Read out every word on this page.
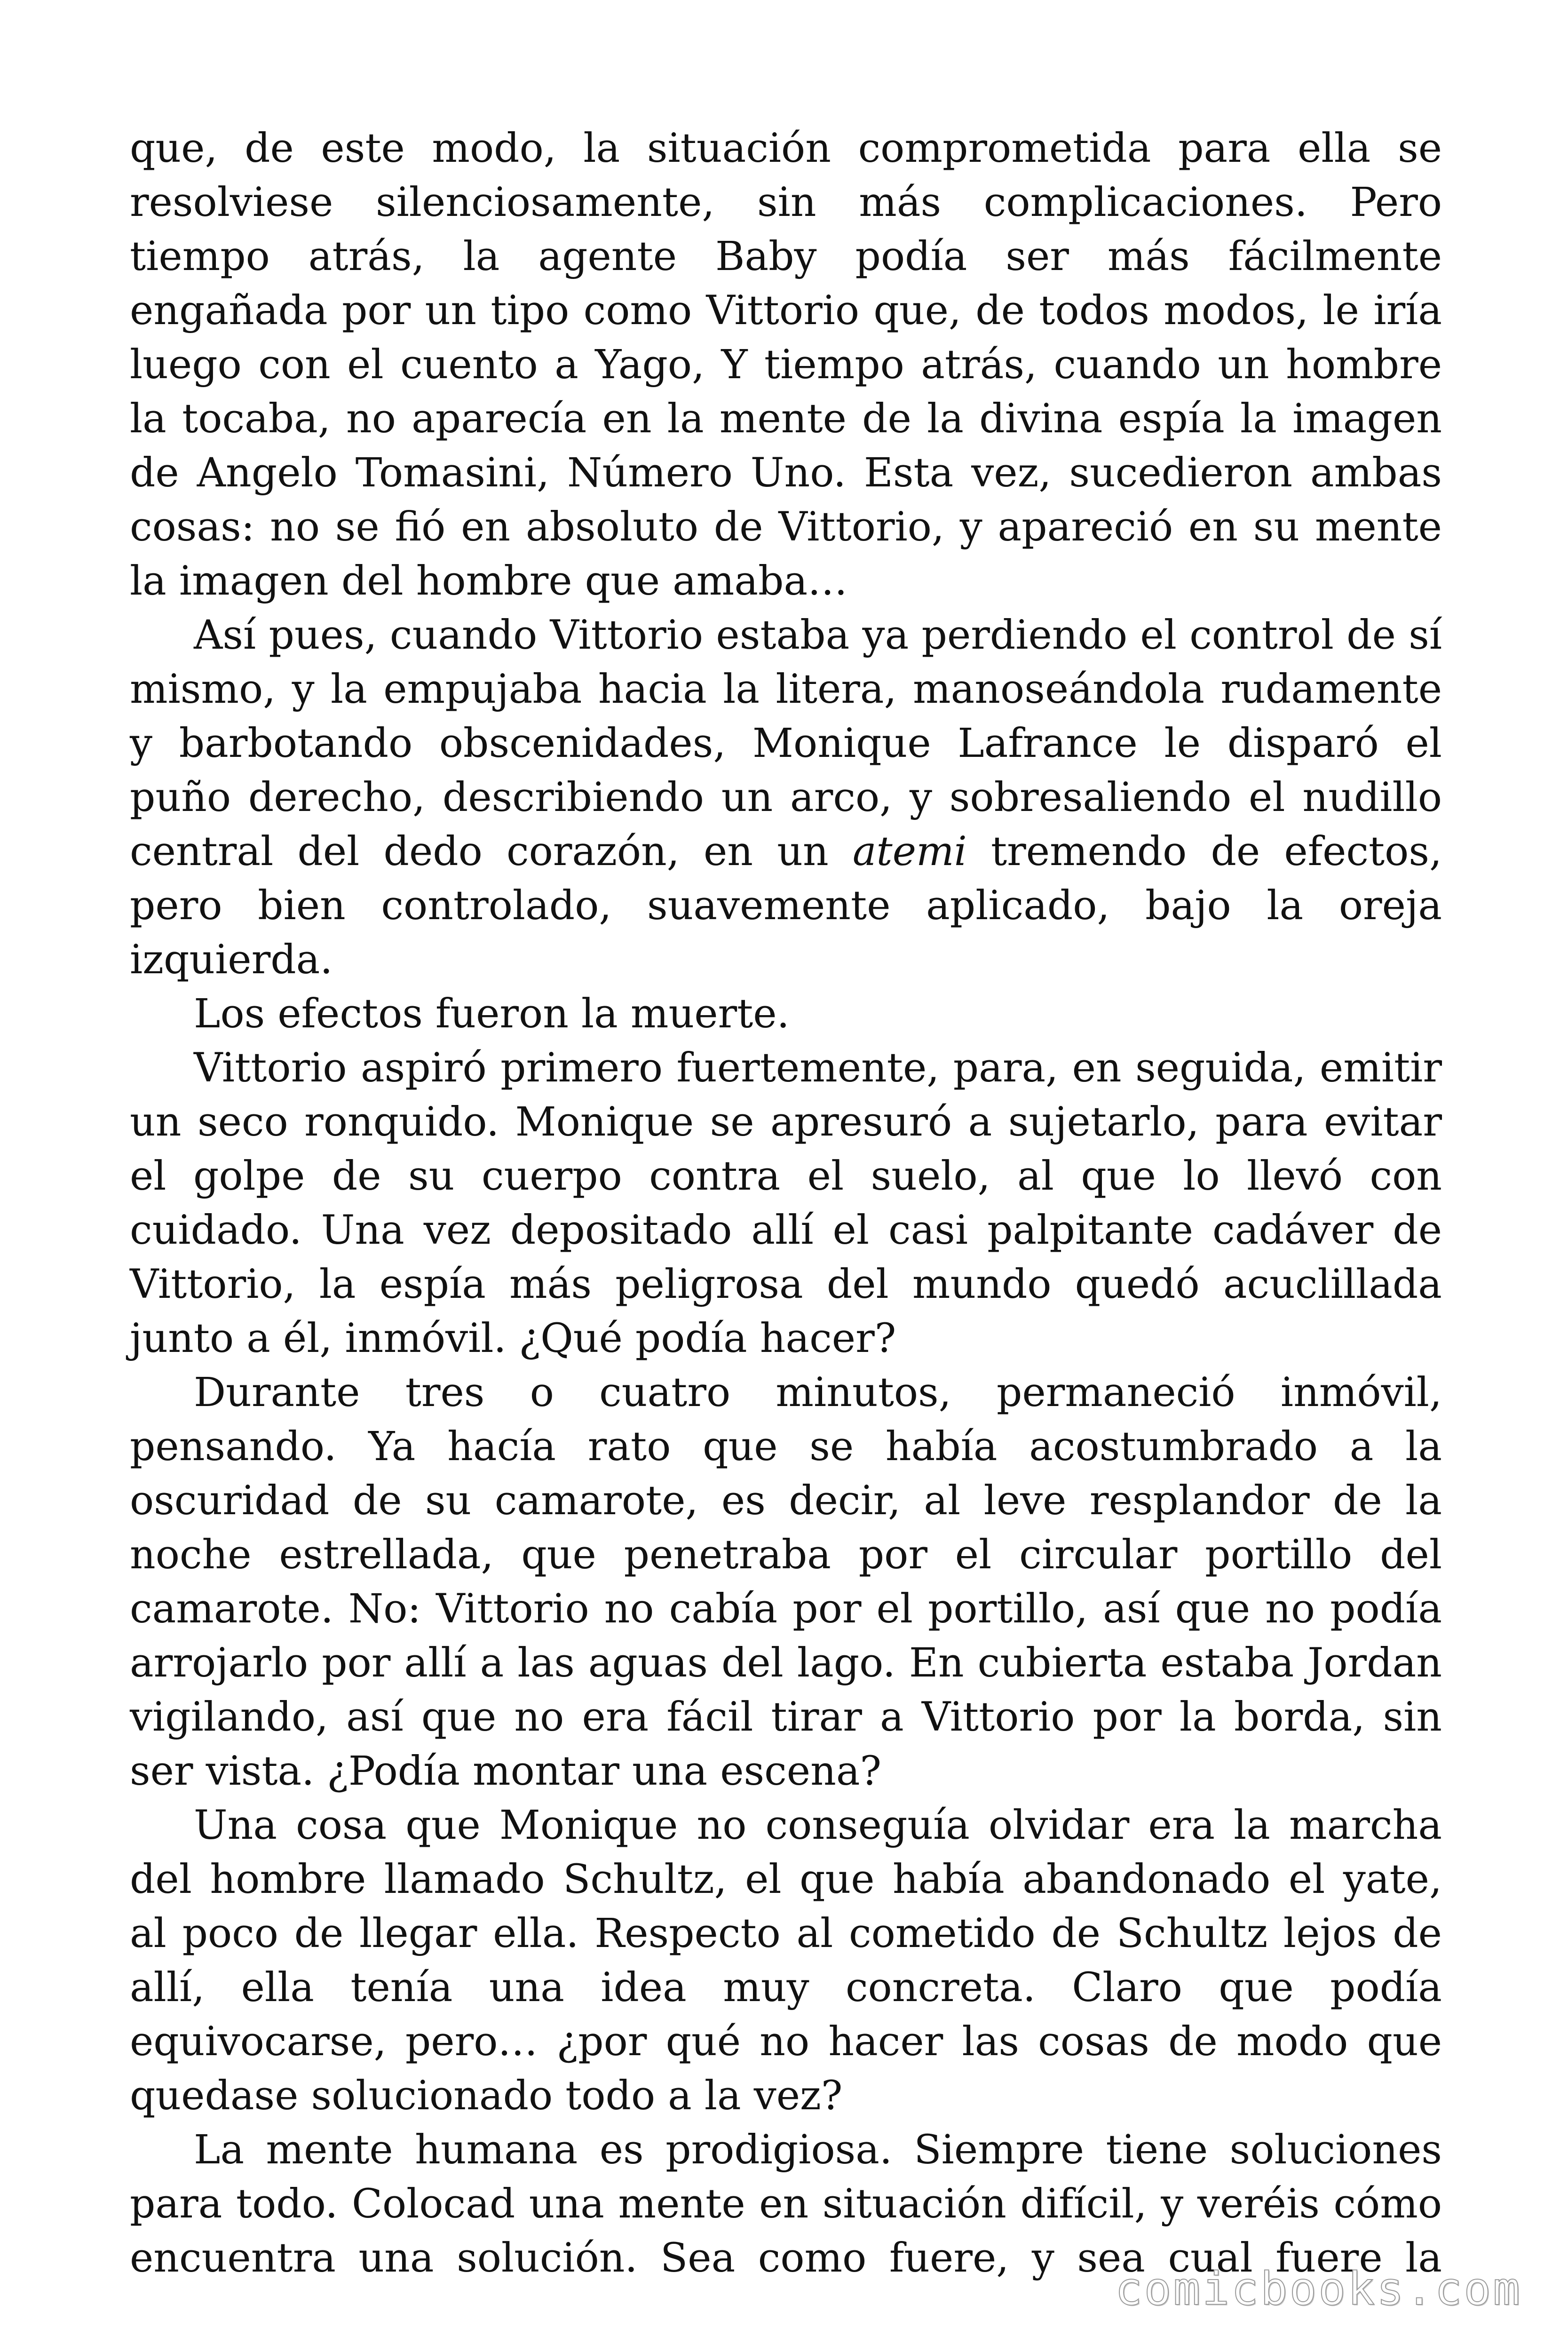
que, de este modo, la situación comprometida para ella se resolviese silenciosamente, sin más complicaciones. Pero tiempo atrás, la agente Baby podía ser más fácilmente engañada por un tipo como Vittorio que, de todos modos, le iría luego con el cuento a Yago, Y tiempo atrás, cuando un hombre la tocaba, no aparecía en la mente de la divina espía la imagen de Angelo Tomasini, Número Uno. Esta vez, sucedieron ambas cosas: no se fió en absoluto de Vittorio, y apareció en su mente la imagen del hombre que amaba…

Así pues, cuando Vittorio estaba ya perdiendo el control de sí mismo, y la empujaba hacia la litera, manoseándola rudamente y barbotando obscenidades, Monique Lafrance le disparó el puño derecho, describiendo un arco, y sobresaliendo el nudillo central del dedo corazón, en un atemi tremendo de efectos, pero bien controlado, suavemente aplicado, bajo la oreja izquierda.

Los efectos fueron la muerte.

Vittorio aspiró primero fuertemente, para, en seguida, emitir un seco ronquido. Monique se apresuró a sujetarlo, para evitar el golpe de su cuerpo contra el suelo, al que lo llevó con cuidado. Una vez depositado allí el casi palpitante cadáver de Vittorio, la espía más peligrosa del mundo quedó acuclillada junto a él, inmóvil. ¿Qué podía hacer?

Durante tres o cuatro minutos, permaneció inmóvil, pensando. Ya hacía rato que se había acostumbrado a la oscuridad de su camarote, es decir, al leve resplandor de la noche estrellada, que penetraba por el circular portillo del camarote. No: Vittorio no cabía por el portillo, así que no podía arrojarlo por allí a las aguas del lago. En cubierta estaba Jordan vigilando, así que no era fácil tirar a Vittorio por la borda, sin ser vista. ¿Podía montar una escena?

Una cosa que Monique no conseguía olvidar era la marcha del hombre llamado Schultz, el que había abandonado el yate, al poco de llegar ella. Respecto al cometido de Schultz lejos de allí, ella tenía una idea muy concreta. Claro que podía equivocarse, pero… ¿por qué no hacer las cosas de modo que quedase solucionado todo a la vez?

La mente humana es prodigiosa. Siempre tiene soluciones para todo. Colocad una mente en situación difícil, y veréis cómo encuentra una solución. Sea como fuere, y sea cual fuere la

comicbooks.com
